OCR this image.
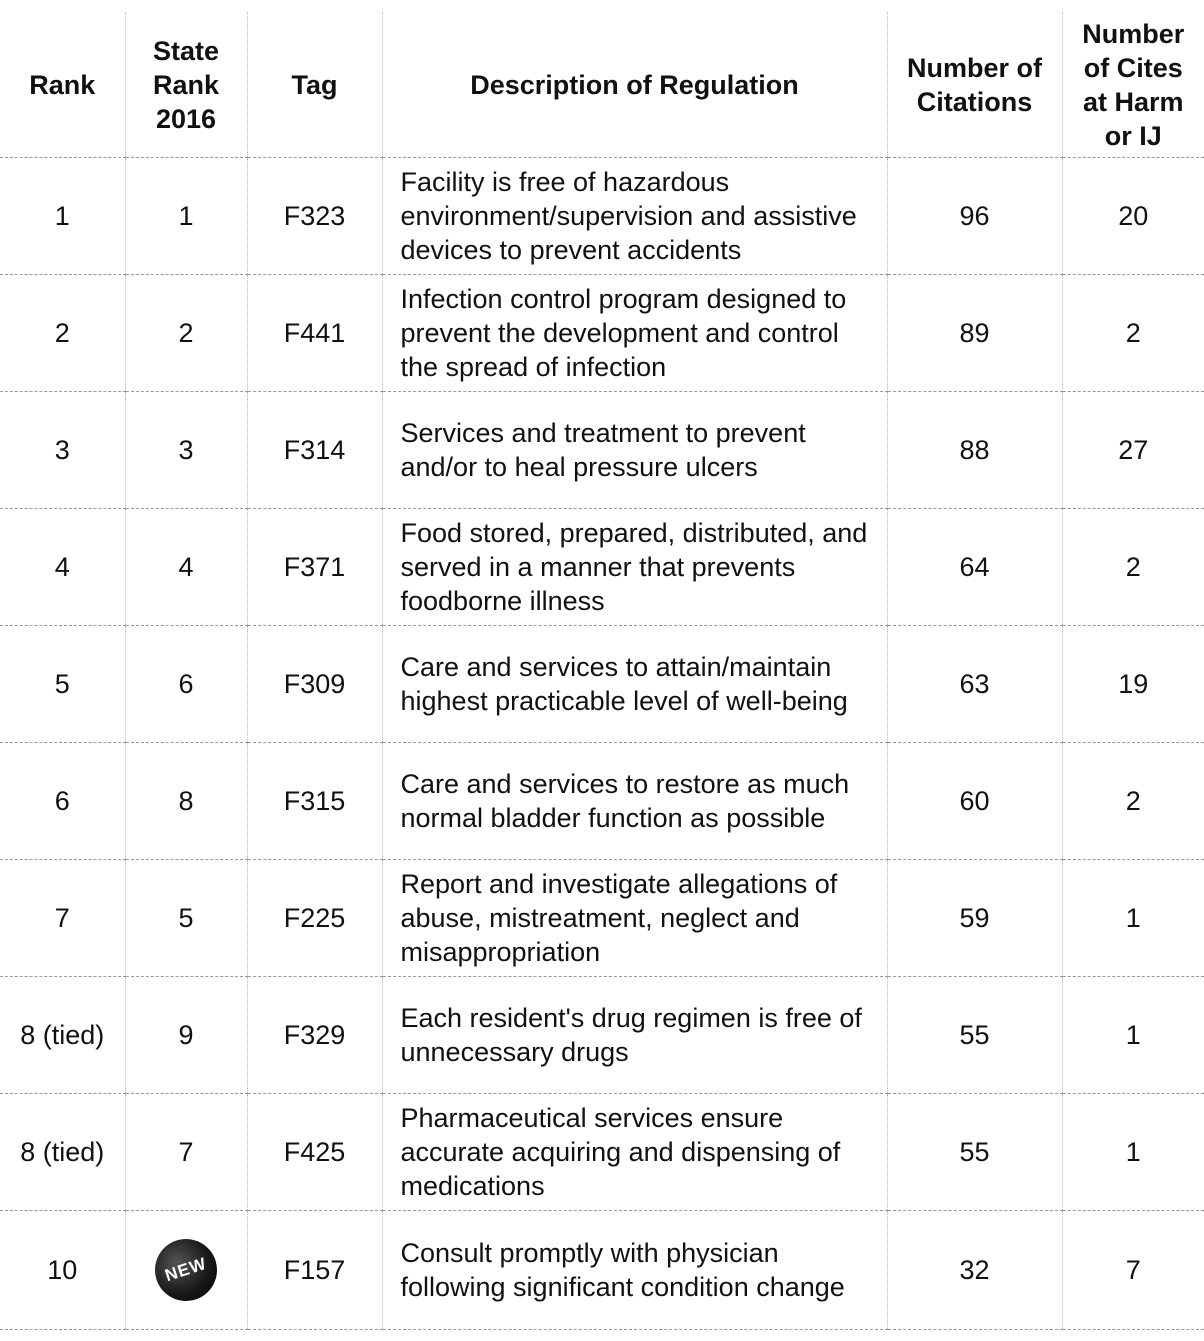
Rank	State Rank 2016	Tag	Description of Regulation	Number of Citations	Number of Cites at Harm or IJ
1	1	F323	Facility is free of hazardous environment/supervision and assistive devices to prevent accidents	96	20
2	2	F441	Infection control program designed to prevent the development and control the spread of infection	89	2
3	3	F314	Services and treatment to prevent and/or to heal pressure ulcers	88	27
4	4	F371	Food stored, prepared, distributed, and served in a manner that prevents foodborne illness	64	2
5	6	F309	Care and services to attain/maintain highest practicable level of well-being	63	19
6	8	F315	Care and services to restore as much normal bladder function as possible	60	2
7	5	F225	Report and investigate allegations of abuse, mistreatment, neglect and misappropriation	59	1
8 (tied)	9	F329	Each resident's drug regimen is free of unnecessary drugs	55	1
8 (tied)	7	F425	Pharmaceutical services ensure accurate acquiring and dispensing of medications	55	1
10	NEW	F157	Consult promptly with physician following significant condition change	32	7
